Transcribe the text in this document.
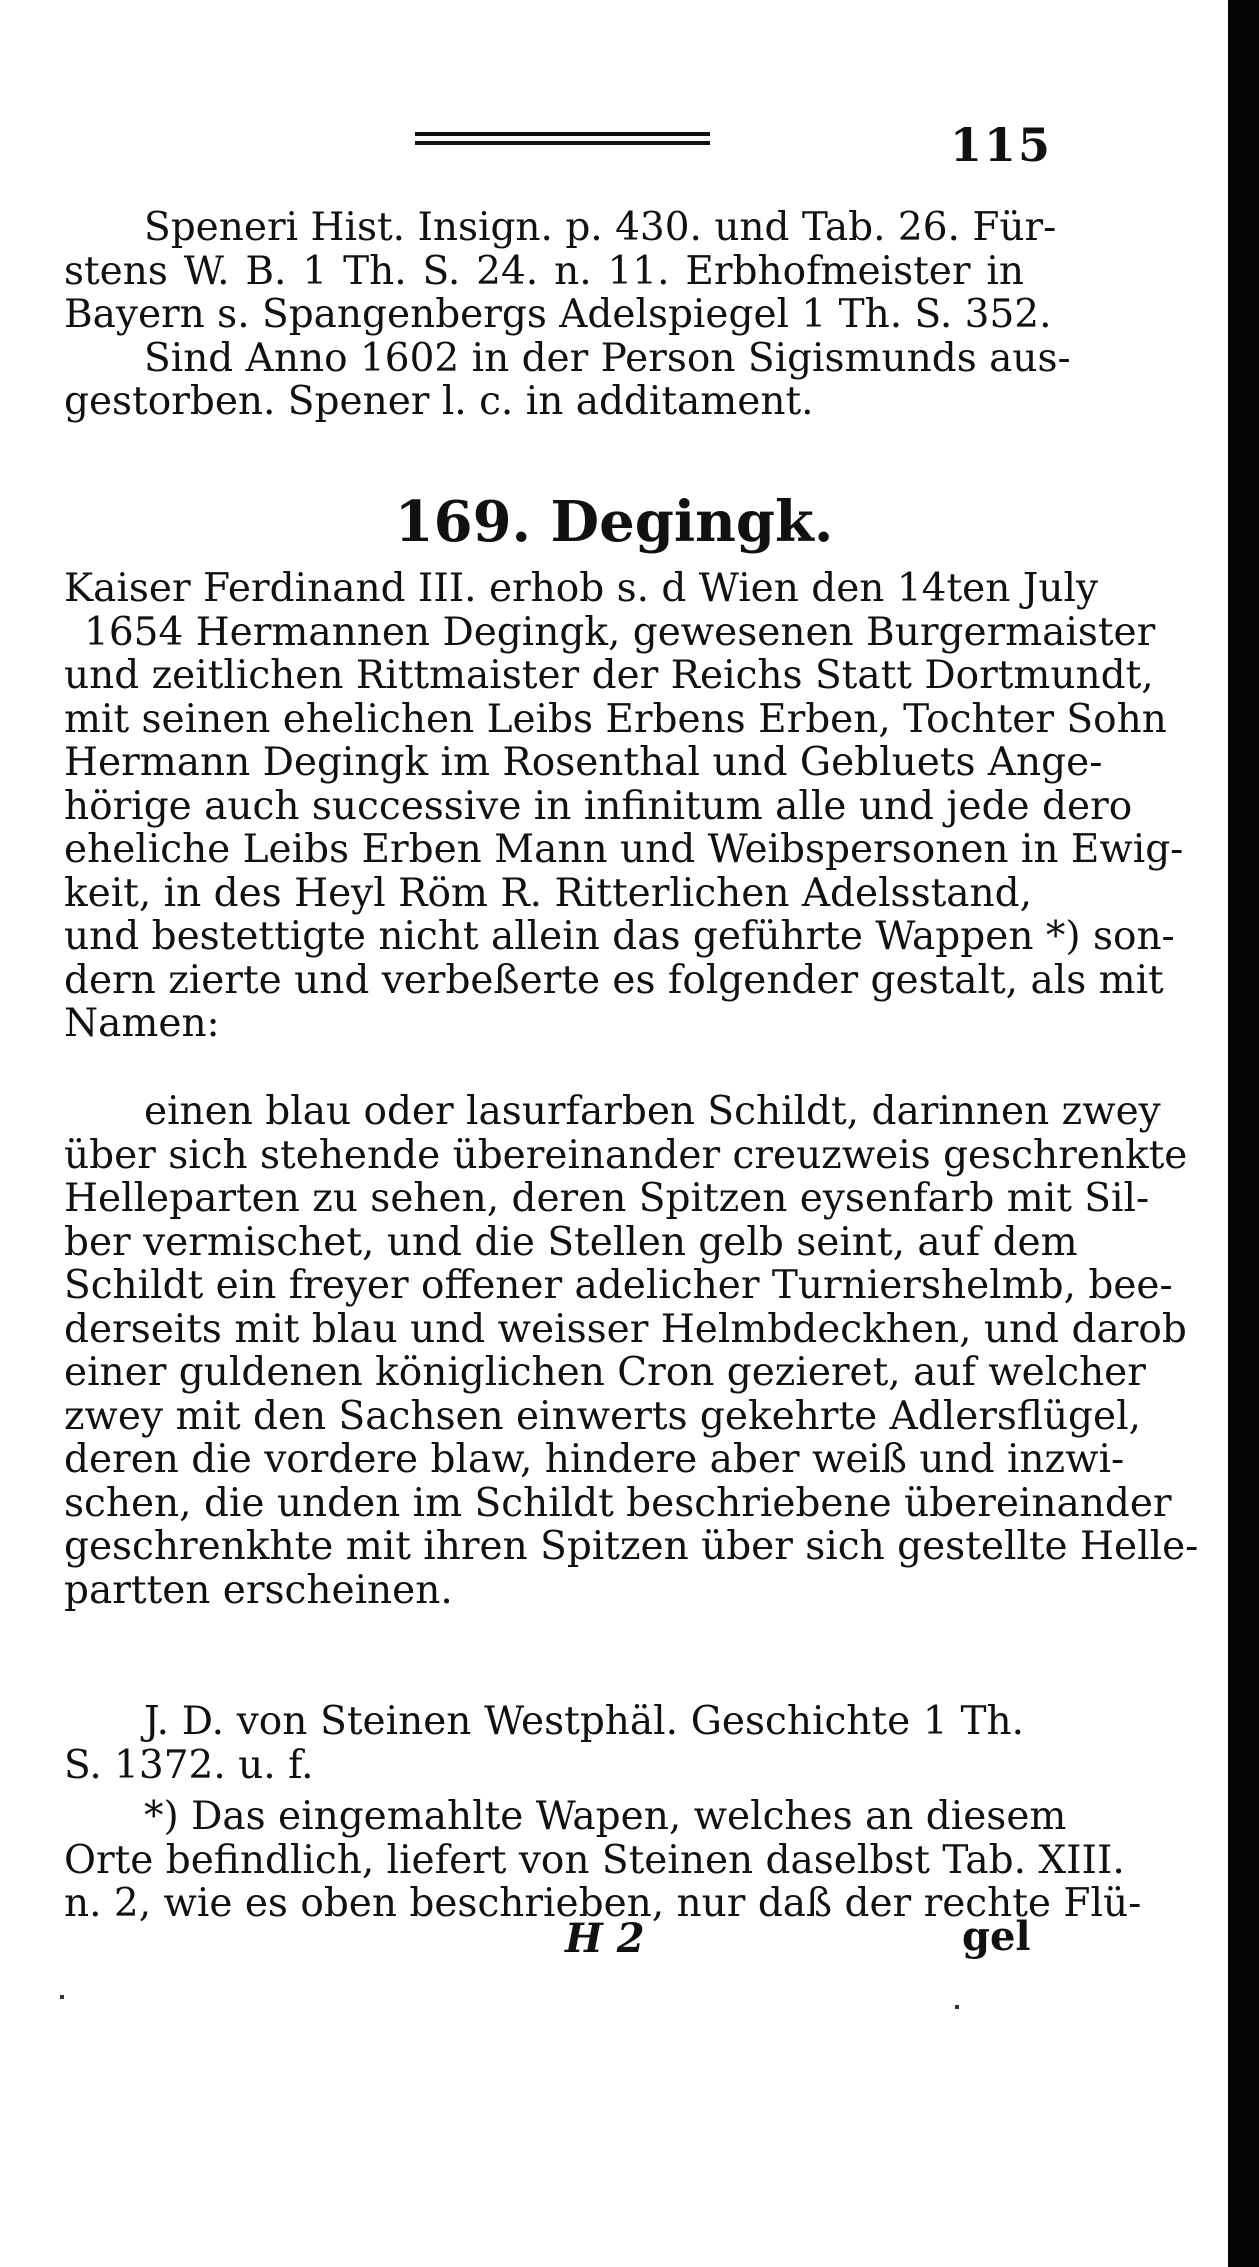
115
Speneri Hist. Insign. p. 430. und Tab. 26. Für-
stens W. B. 1 Th. S. 24. n. 11. Erbhofmeister in
Bayern s. Spangenbergs Adelspiegel 1 Th. S. 352.
Sind Anno 1602 in der Person Sigismunds aus-
gestorben. Spener l. c. in additament.
169. Degingk.
Kaiser Ferdinand III. erhob s. d Wien den 14ten July
1654 Hermannen Degingk, gewesenen Burgermaister
und zeitlichen Rittmaister der Reichs Statt Dortmundt,
mit seinen ehelichen Leibs Erbens Erben, Tochter Sohn
Hermann Degingk im Rosenthal und Gebluets Ange-
hörige auch successive in infinitum alle und jede dero
eheliche Leibs Erben Mann und Weibspersonen in Ewig-
keit, in des Heyl Röm R. Ritterlichen Adelsstand,
und bestettigte nicht allein das geführte Wappen *) son-
dern zierte und verbeßerte es folgender gestalt, als mit
Namen:
einen blau oder lasurfarben Schildt, darinnen zwey
über sich stehende übereinander creuzweis geschrenkte
Helleparten zu sehen, deren Spitzen eysenfarb mit Sil-
ber vermischet, und die Stellen gelb seint, auf dem
Schildt ein freyer offener adelicher Turniershelmb, bee-
derseits mit blau und weisser Helmbdeckhen, und darob
einer guldenen königlichen Cron gezieret, auf welcher
zwey mit den Sachsen einwerts gekehrte Adlersflügel,
deren die vordere blaw, hindere aber weiß und inzwi-
schen, die unden im Schildt beschriebene übereinander
geschrenkhte mit ihren Spitzen über sich gestellte Helle-
partten erscheinen.
J. D. von Steinen Westphäl. Geschichte 1 Th.
S. 1372. u. f.
*) Das eingemahlte Wapen, welches an diesem
Orte befindlich, liefert von Steinen daselbst Tab. XIII.
n. 2, wie es oben beschrieben, nur daß der rechte Flü-
H 2	gel
